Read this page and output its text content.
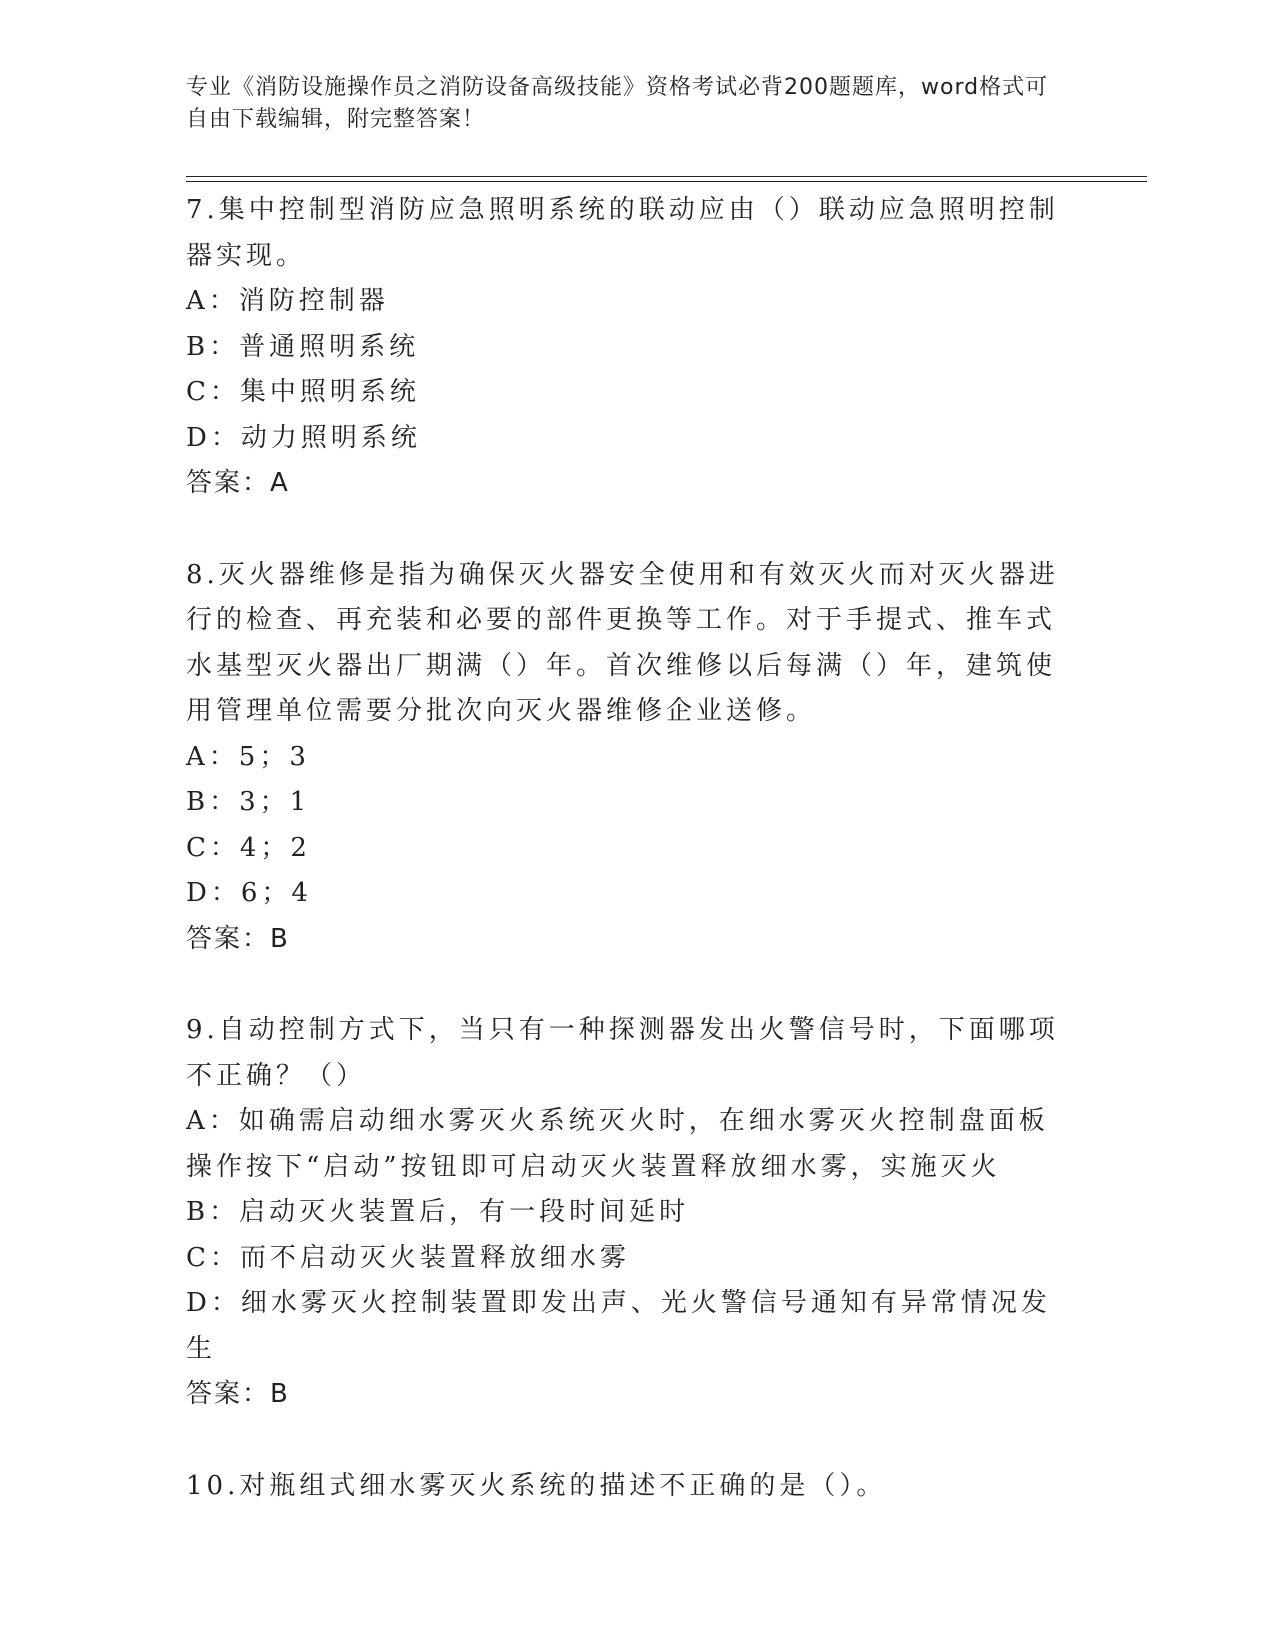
专业《消防设施操作员之消防设备高级技能》资格考试必背200题题库，word格式可自由下载编辑，附完整答案！

7.集中控制型消防应急照明系统的联动应由（）联动应急照明控制器实现。

A：消防控制器

B：普通照明系统

C：集中照明系统

D：动力照明系统

答案：A

8.灭火器维修是指为确保灭火器安全使用和有效灭火而对灭火器进行的检查、再充装和必要的部件更换等工作。对于手提式、推车式水基型灭火器出厂期满（）年。首次维修以后每满（）年，建筑使用管理单位需要分批次向灭火器维修企业送修。

A：5；3

B：3；1

C：4；2

D：6；4

答案：B

9.自动控制方式下，当只有一种探测器发出火警信号时，下面哪项不正确？（）

A：如确需启动细水雾灭火系统灭火时，在细水雾灭火控制盘面板操作按下“启动”按钮即可启动灭火装置释放细水雾，实施灭火

B：启动灭火装置后，有一段时间延时

C：而不启动灭火装置释放细水雾

D：细水雾灭火控制装置即发出声、光火警信号通知有异常情况发生

答案：B

10.对瓶组式细水雾灭火系统的描述不正确的是（）。
